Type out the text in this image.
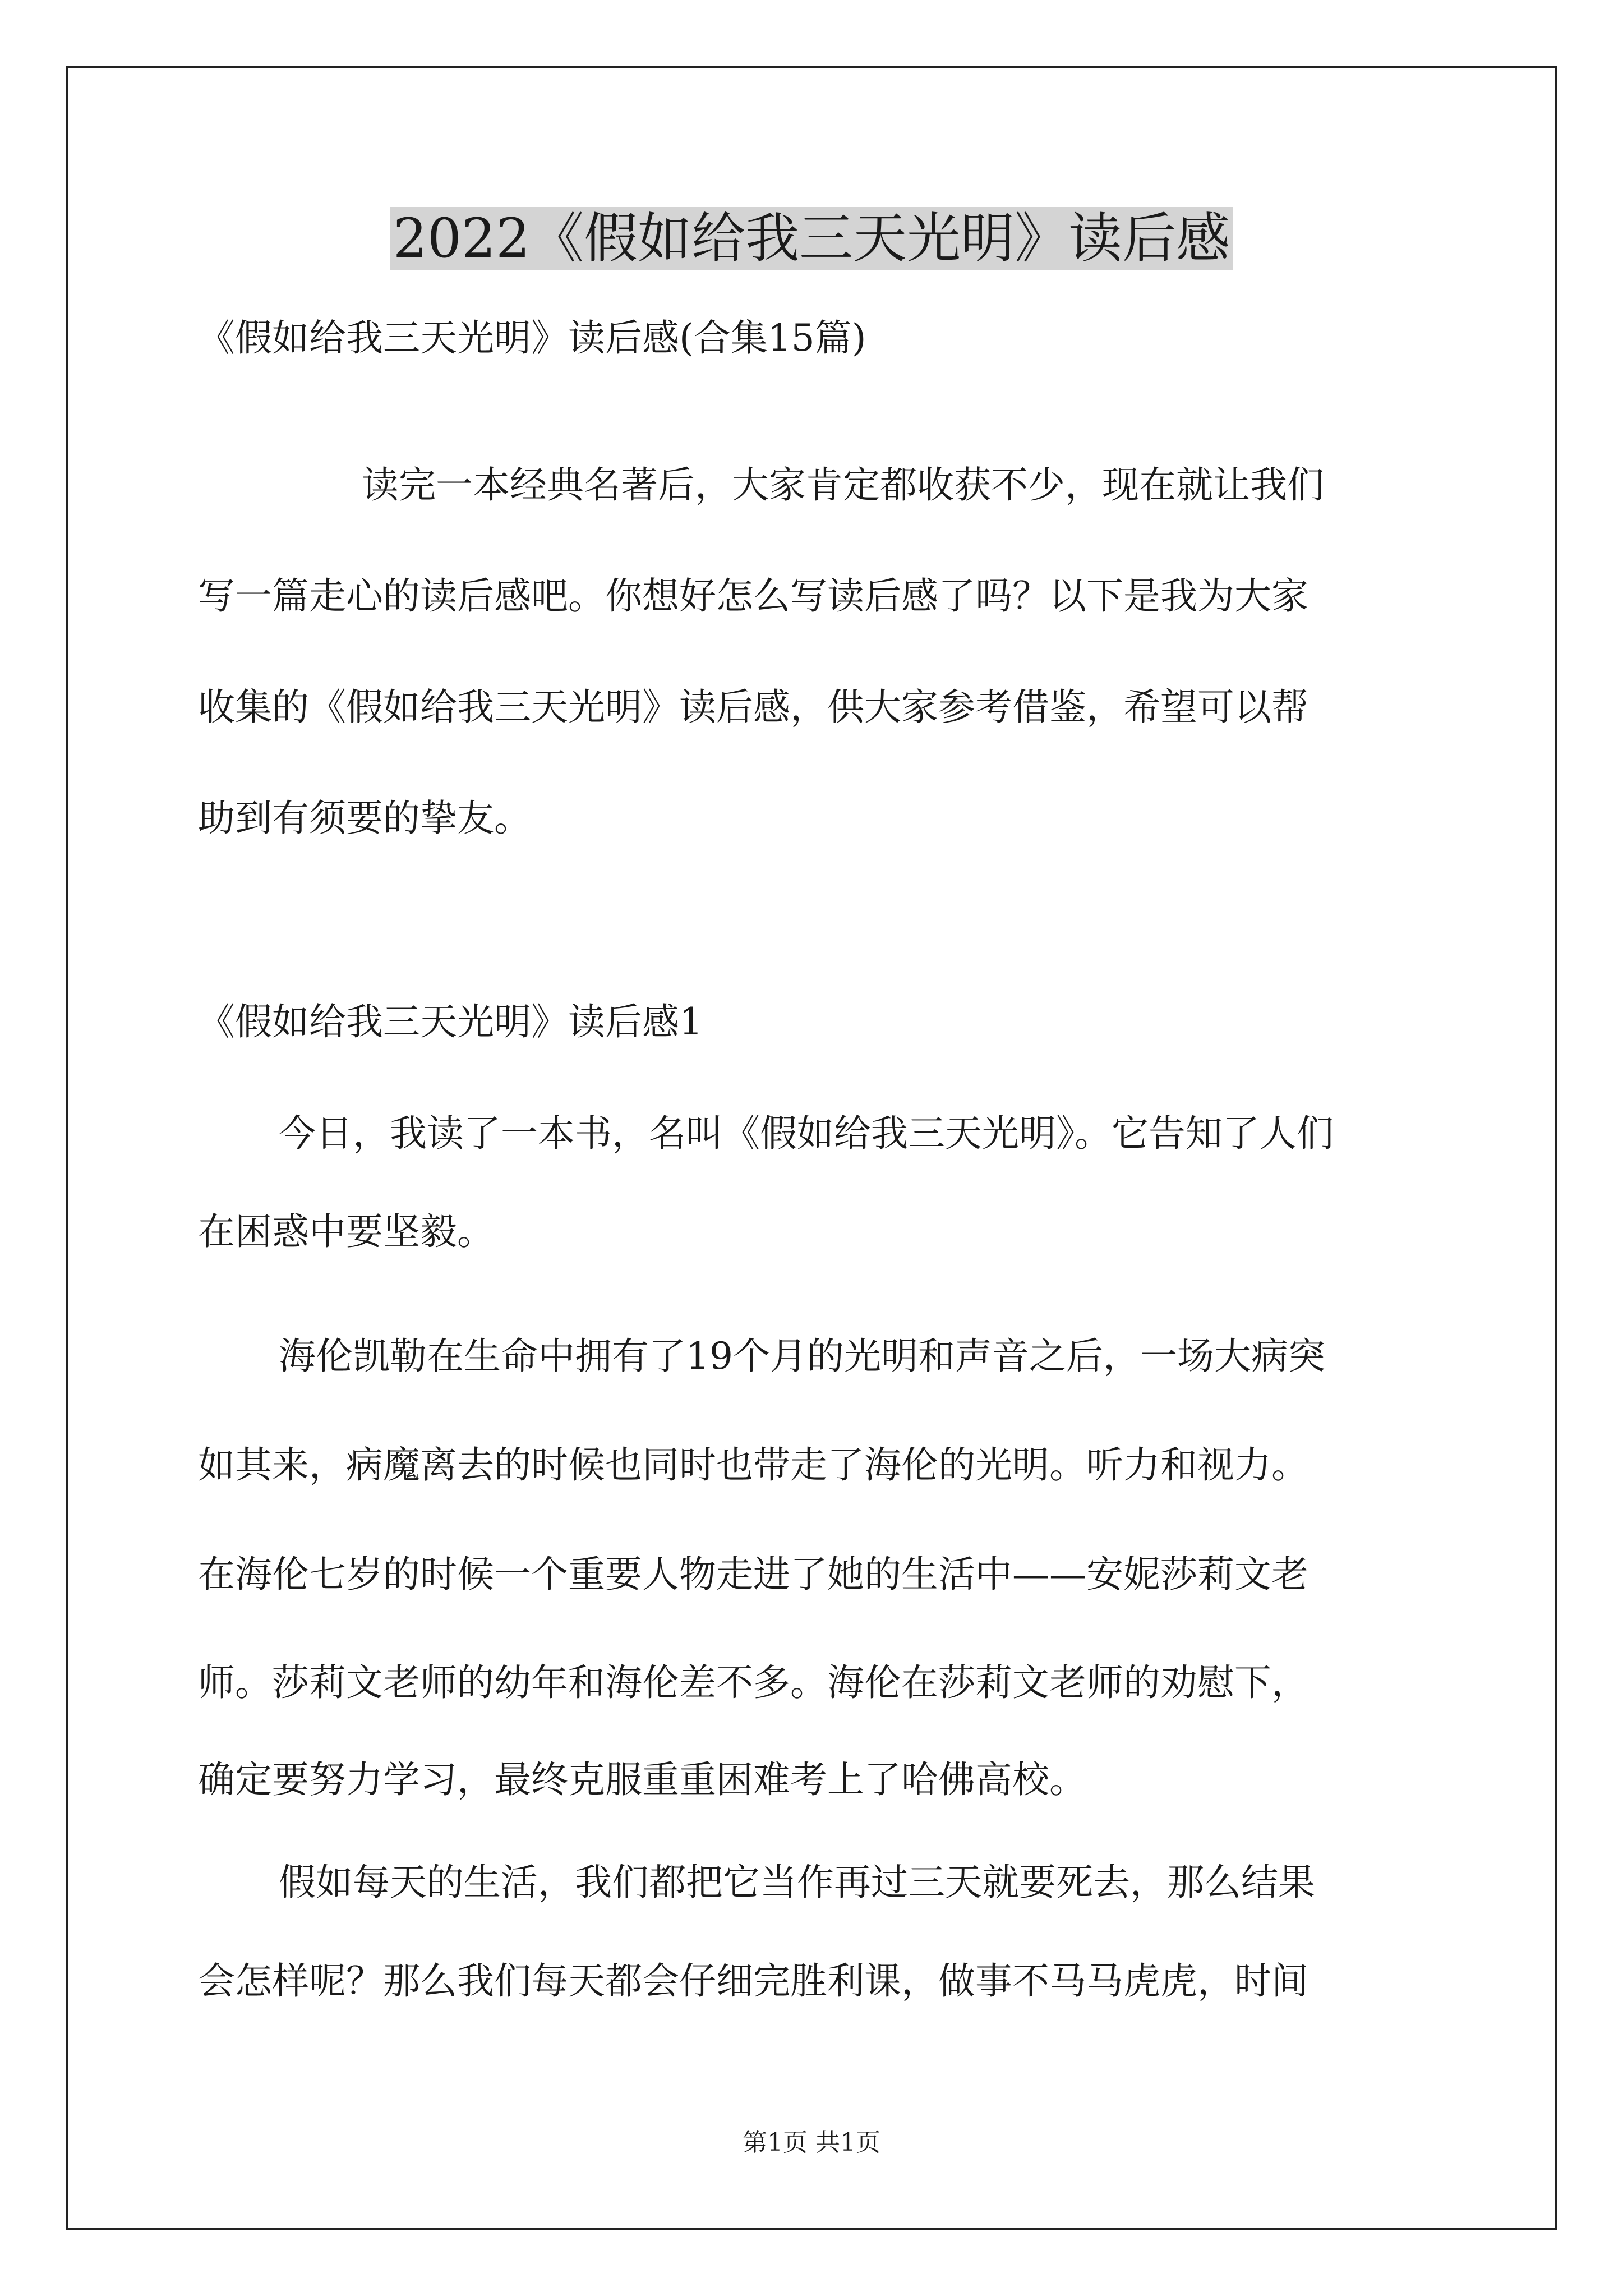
2022《假如给我三天光明》读后感
《假如给我三天光明》读后感(合集15篇)
读完一本经典名著后，大家肯定都收获不少，现在就让我们
写一篇走心的读后感吧。你想好怎么写读后感了吗？以下是我为大家
收集的《假如给我三天光明》读后感，供大家参考借鉴，希望可以帮
助到有须要的挚友。
《假如给我三天光明》读后感1
今日，我读了一本书，名叫《假如给我三天光明》。它告知了人们
在困惑中要坚毅。
海伦凯勒在生命中拥有了19个月的光明和声音之后，一场大病突
如其来，病魔离去的时候也同时也带走了海伦的光明。听力和视力。
在海伦七岁的时候一个重要人物走进了她的生活中——安妮莎莉文老
师。莎莉文老师的幼年和海伦差不多。海伦在莎莉文老师的劝慰下，
确定要努力学习，最终克服重重困难考上了哈佛高校。
假如每天的生活，我们都把它当作再过三天就要死去，那么结果
会怎样呢？那么我们每天都会仔细完胜利课，做事不马马虎虎，时间
第1页 共1页
